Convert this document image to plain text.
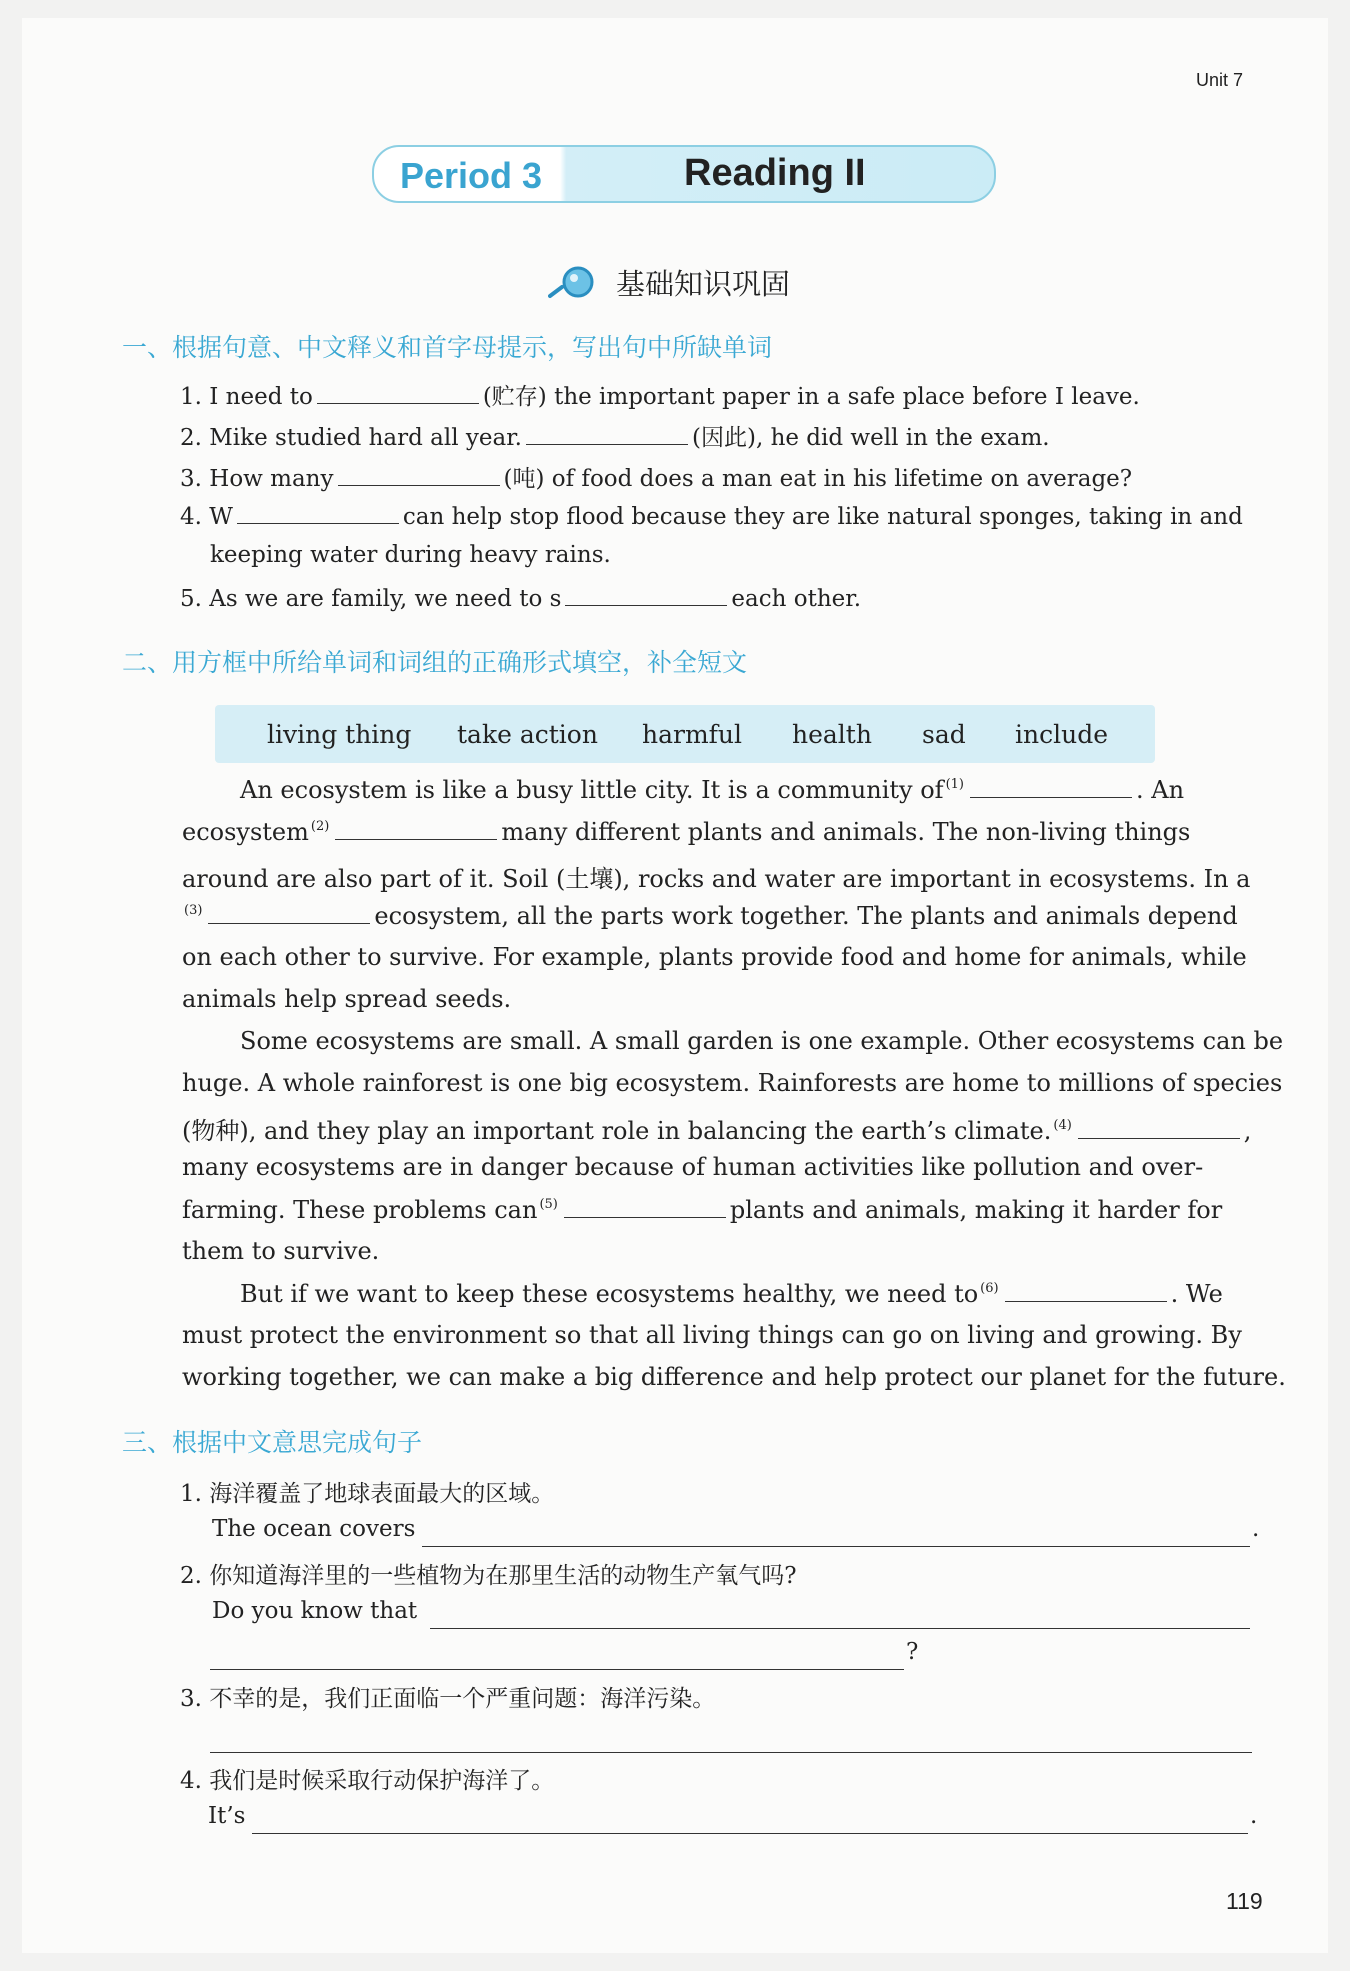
Unit 7
Period 3	Reading II
基础知识巩固
一、根据句意、中文释义和首字母提示，写出句中所缺单词
1. I need to	(贮存) the important paper in a safe place before I leave.
2. Mike studied hard all year.	(因此), he did well in the exam.
3. How many	(吨) of food does a man eat in his lifetime on average?
4. W	can help stop flood because they are like natural sponges, taking in and
keeping water during heavy rains.
5. As we are family, we need to s	each other.
二、用方框中所给单词和词组的正确形式填空，补全短文
living thing take action harmful health sad include
An ecosystem is like a busy little city. It is a community of $^{(1)}$	. An
ecosystem $^{(2)}$	many different plants and animals. The non-living things
around are also part of it. Soil (土壤), rocks and water are important in ecosystems. In a
$^{(3)}$	ecosystem, all the parts work together. The plants and animals depend
on each other to survive. For example, plants provide food and home for animals, while
animals help spread seeds.
Some ecosystems are small. A small garden is one example. Other ecosystems can be
huge. A whole rainforest is one big ecosystem. Rainforests are home to millions of species
(物种), and they play an important role in balancing the earth’s climate. $^{(4)}$	,
many ecosystems are in danger because of human activities like pollution and over-
farming. These problems can $^{(5)}$	plants and animals, making it harder for
them to survive.
But if we want to keep these ecosystems healthy, we need to $^{(6)}$	. We
must protect the environment so that all living things can go on living and growing. By
working together, we can make a big difference and help protect our planet for the future.
三、根据中文意思完成句子
1. 海洋覆盖了地球表面最大的区域。
The ocean covers	.
2. 你知道海洋里的一些植物为在那里生活的动物生产氧气吗?
Do you know that
?
3. 不幸的是，我们正面临一个严重问题：海洋污染。
4. 我们是时候采取行动保护海洋了。
It’s	.
119
